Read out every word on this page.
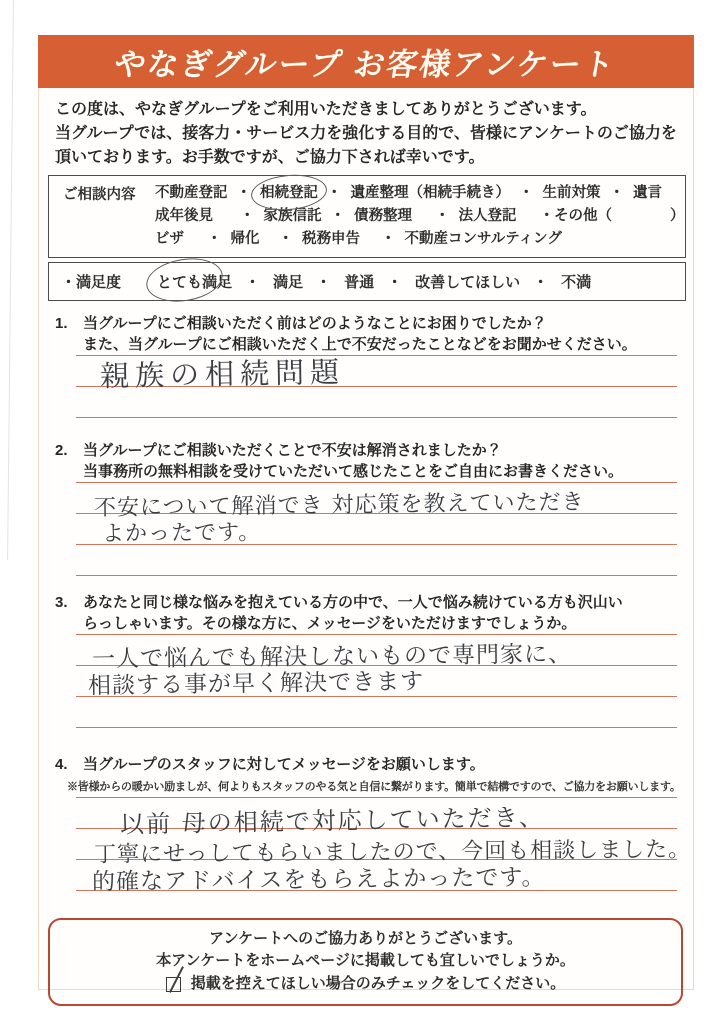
やなぎグループ お客様アンケート
この度は、やなぎグループをご利用いただきましてありがとうございます。
当グループでは、接客力・サービス力を強化する目的で、皆様にアンケートのご協力を
頂いております。お手数ですが、ご協力下されば幸いです。
ご相談内容	不動産登記 ・ 相続登記 ・ 遺産整理（相続手続き） ・ 生前対策 ・ 遺言
成年後見 ・ 家族信託 ・ 債務整理 ・ 法人登記 ・ その他（　　　　）
ビザ ・ 帰化 ・ 税務申告 ・ 不動産コンサルティング
・満足度	とても満足 ・ 満足 ・ 普通 ・ 改善してほしい ・ 不満
1.	当グループにご相談いただく前はどのようなことにお困りでしたか？
また、当グループにご相談いただく上で不安だったことなどをお聞かせください。
親族の相続問題
2.	当グループにご相談いただくことで不安は解消されましたか？
当事務所の無料相談を受けていただいて感じたことをご自由にお書きください。
不安について解消でき 対応策を教えていただき
よかったです。
3.	あなたと同じ様な悩みを抱えている方の中で、一人で悩み続けている方も沢山い
らっしゃいます。その様な方に、メッセージをいただけますでしょうか。
一人で悩んでも解決しないもので専門家に、
相談する事が早く解決できます
4.	当グループのスタッフに対してメッセージをお願いします。
※皆様からの暖かい励ましが、何よりもスタッフのやる気と自信に繋がります。簡単で結構ですので、ご協力をお願いします。
以前 母の相続で対応していただき、
丁寧にせっしてもらいましたので、今回も相談しました。
的確なアドバイスをもらえよかったです。
アンケートへのご協力ありがとうございます。
本アンケートをホームページに掲載しても宜しいでしょうか。
掲載を控えてほしい場合のみチェックをしてください。
